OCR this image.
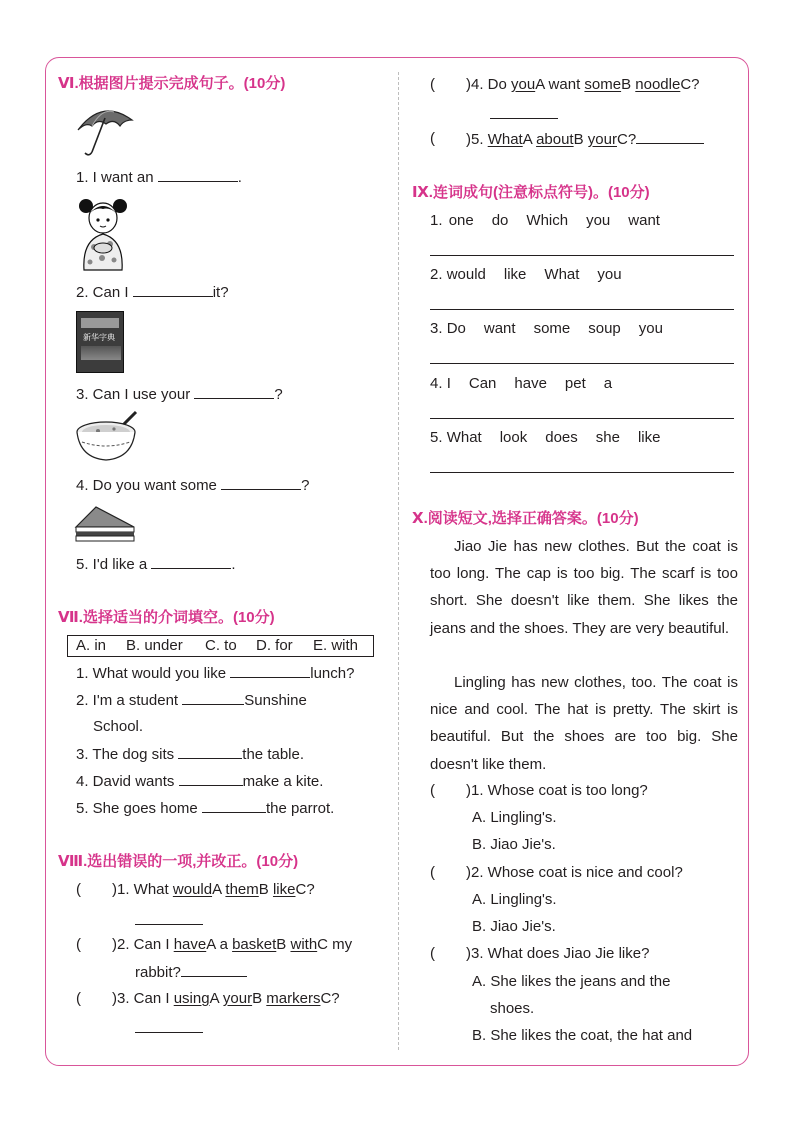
Ⅵ.根据图片提示完成句子。(10分)
1. I want an	.
2. Can I	it?
新华字典
3. Can I use your	?
4. Do you want some	?
5. I'd like a	.
Ⅶ.选择适当的介词填空。(10分)
A. in B. under C. to D. for E. with
1. What would you like	lunch?
2. I'm a student	Sunshine
School.
3. The dog sits	the table.
4. David wants	make a kite.
5. She goes home	the parrot.
Ⅷ.选出错误的一项,并改正。(10分)
( )1. What wouldA themB likeC?
( )2. Can I haveA a basketB withC my
rabbit?
( )3. Can I usingA yourB markersC?
( )4. Do youA want someB noodleC?
( )5. WhatA aboutB yourC?
Ⅸ.连词成句(注意标点符号)。(10分)
1. one do Which you want
2. would like What you
3. Do want some soup you
4. I Can have pet a
5. What look does she like
Ⅹ.阅读短文,选择正确答案。(10分)
Jiao Jie has new clothes. But the coat is too long. The cap is too big. The scarf is too short. She doesn't like them. She likes the jeans and the shoes. They are very beautiful.
Lingling has new clothes, too. The coat is nice and cool. The hat is pretty. The skirt is beautiful. But the shoes are too big. She doesn't like them.
( )1. Whose coat is too long?
A. Lingling's.
B. Jiao Jie's.
( )2. Whose coat is nice and cool?
A. Lingling's.
B. Jiao Jie's.
( )3. What does Jiao Jie like?
A. She likes the jeans and the
shoes.
B. She likes the coat, the hat and
